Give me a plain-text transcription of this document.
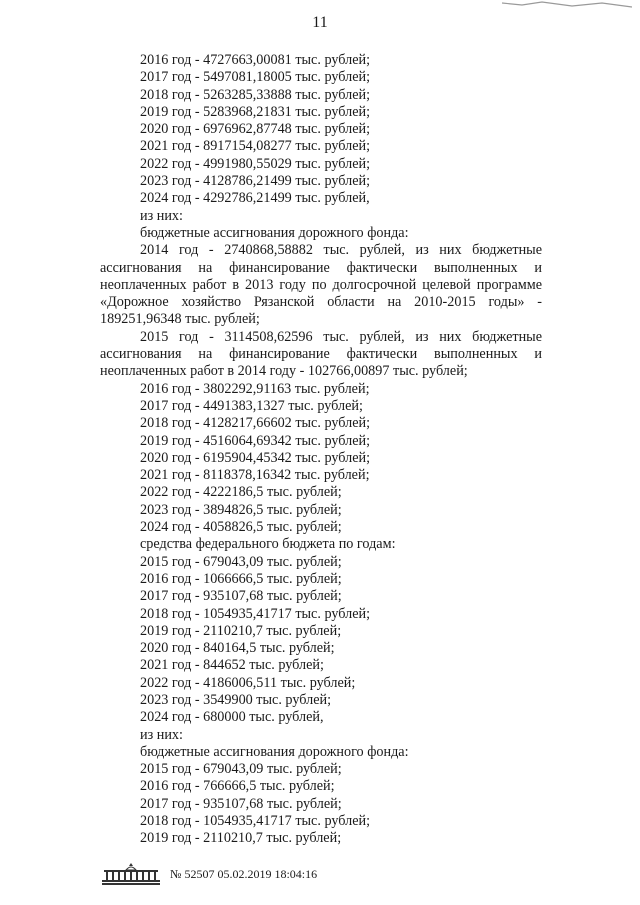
11
2016 год - 4727663,00081 тыс. рублей;
2017 год - 5497081,18005 тыс. рублей;
2018 год - 5263285,33888 тыс. рублей;
2019 год - 5283968,21831 тыс. рублей;
2020 год - 6976962,87748 тыс. рублей;
2021 год - 8917154,08277 тыс. рублей;
2022 год - 4991980,55029 тыс. рублей;
2023 год - 4128786,21499 тыс. рублей;
2024 год - 4292786,21499 тыс. рублей,
из них:
бюджетные ассигнования дорожного фонда:
2014 год - 2740868,58882 тыс. рублей, из них бюджетные ассигнования на финансирование фактически выполненных и неоплаченных работ в 2013 году по долгосрочной целевой программе «Дорожное хозяйство Рязанской области на 2010-2015 годы» - 189251,96348 тыс. рублей;
2015 год - 3114508,62596 тыс. рублей, из них бюджетные ассигнования на финансирование фактически выполненных и неоплаченных работ в 2014 году - 102766,00897 тыс. рублей;
2016 год - 3802292,91163 тыс. рублей;
2017 год - 4491383,1327 тыс. рублей;
2018 год - 4128217,66602 тыс. рублей;
2019 год - 4516064,69342 тыс. рублей;
2020 год - 6195904,45342 тыс. рублей;
2021 год - 8118378,16342 тыс. рублей;
2022 год - 4222186,5 тыс. рублей;
2023 год - 3894826,5 тыс. рублей;
2024 год - 4058826,5 тыс. рублей;
средства федерального бюджета по годам:
2015 год - 679043,09 тыс. рублей;
2016 год - 1066666,5 тыс. рублей;
2017 год - 935107,68 тыс. рублей;
2018 год - 1054935,41717 тыс. рублей;
2019 год - 2110210,7 тыс. рублей;
2020 год - 840164,5 тыс. рублей;
2021 год - 844652 тыс. рублей;
2022 год - 4186006,511 тыс. рублей;
2023 год - 3549900 тыс. рублей;
2024 год - 680000 тыс. рублей,
из них:
бюджетные ассигнования дорожного фонда:
2015 год - 679043,09 тыс. рублей;
2016 год - 766666,5 тыс. рублей;
2017 год - 935107,68 тыс. рублей;
2018 год - 1054935,41717 тыс. рублей;
2019 год - 2110210,7 тыс. рублей;
№ 52507 05.02.2019 18:04:16
